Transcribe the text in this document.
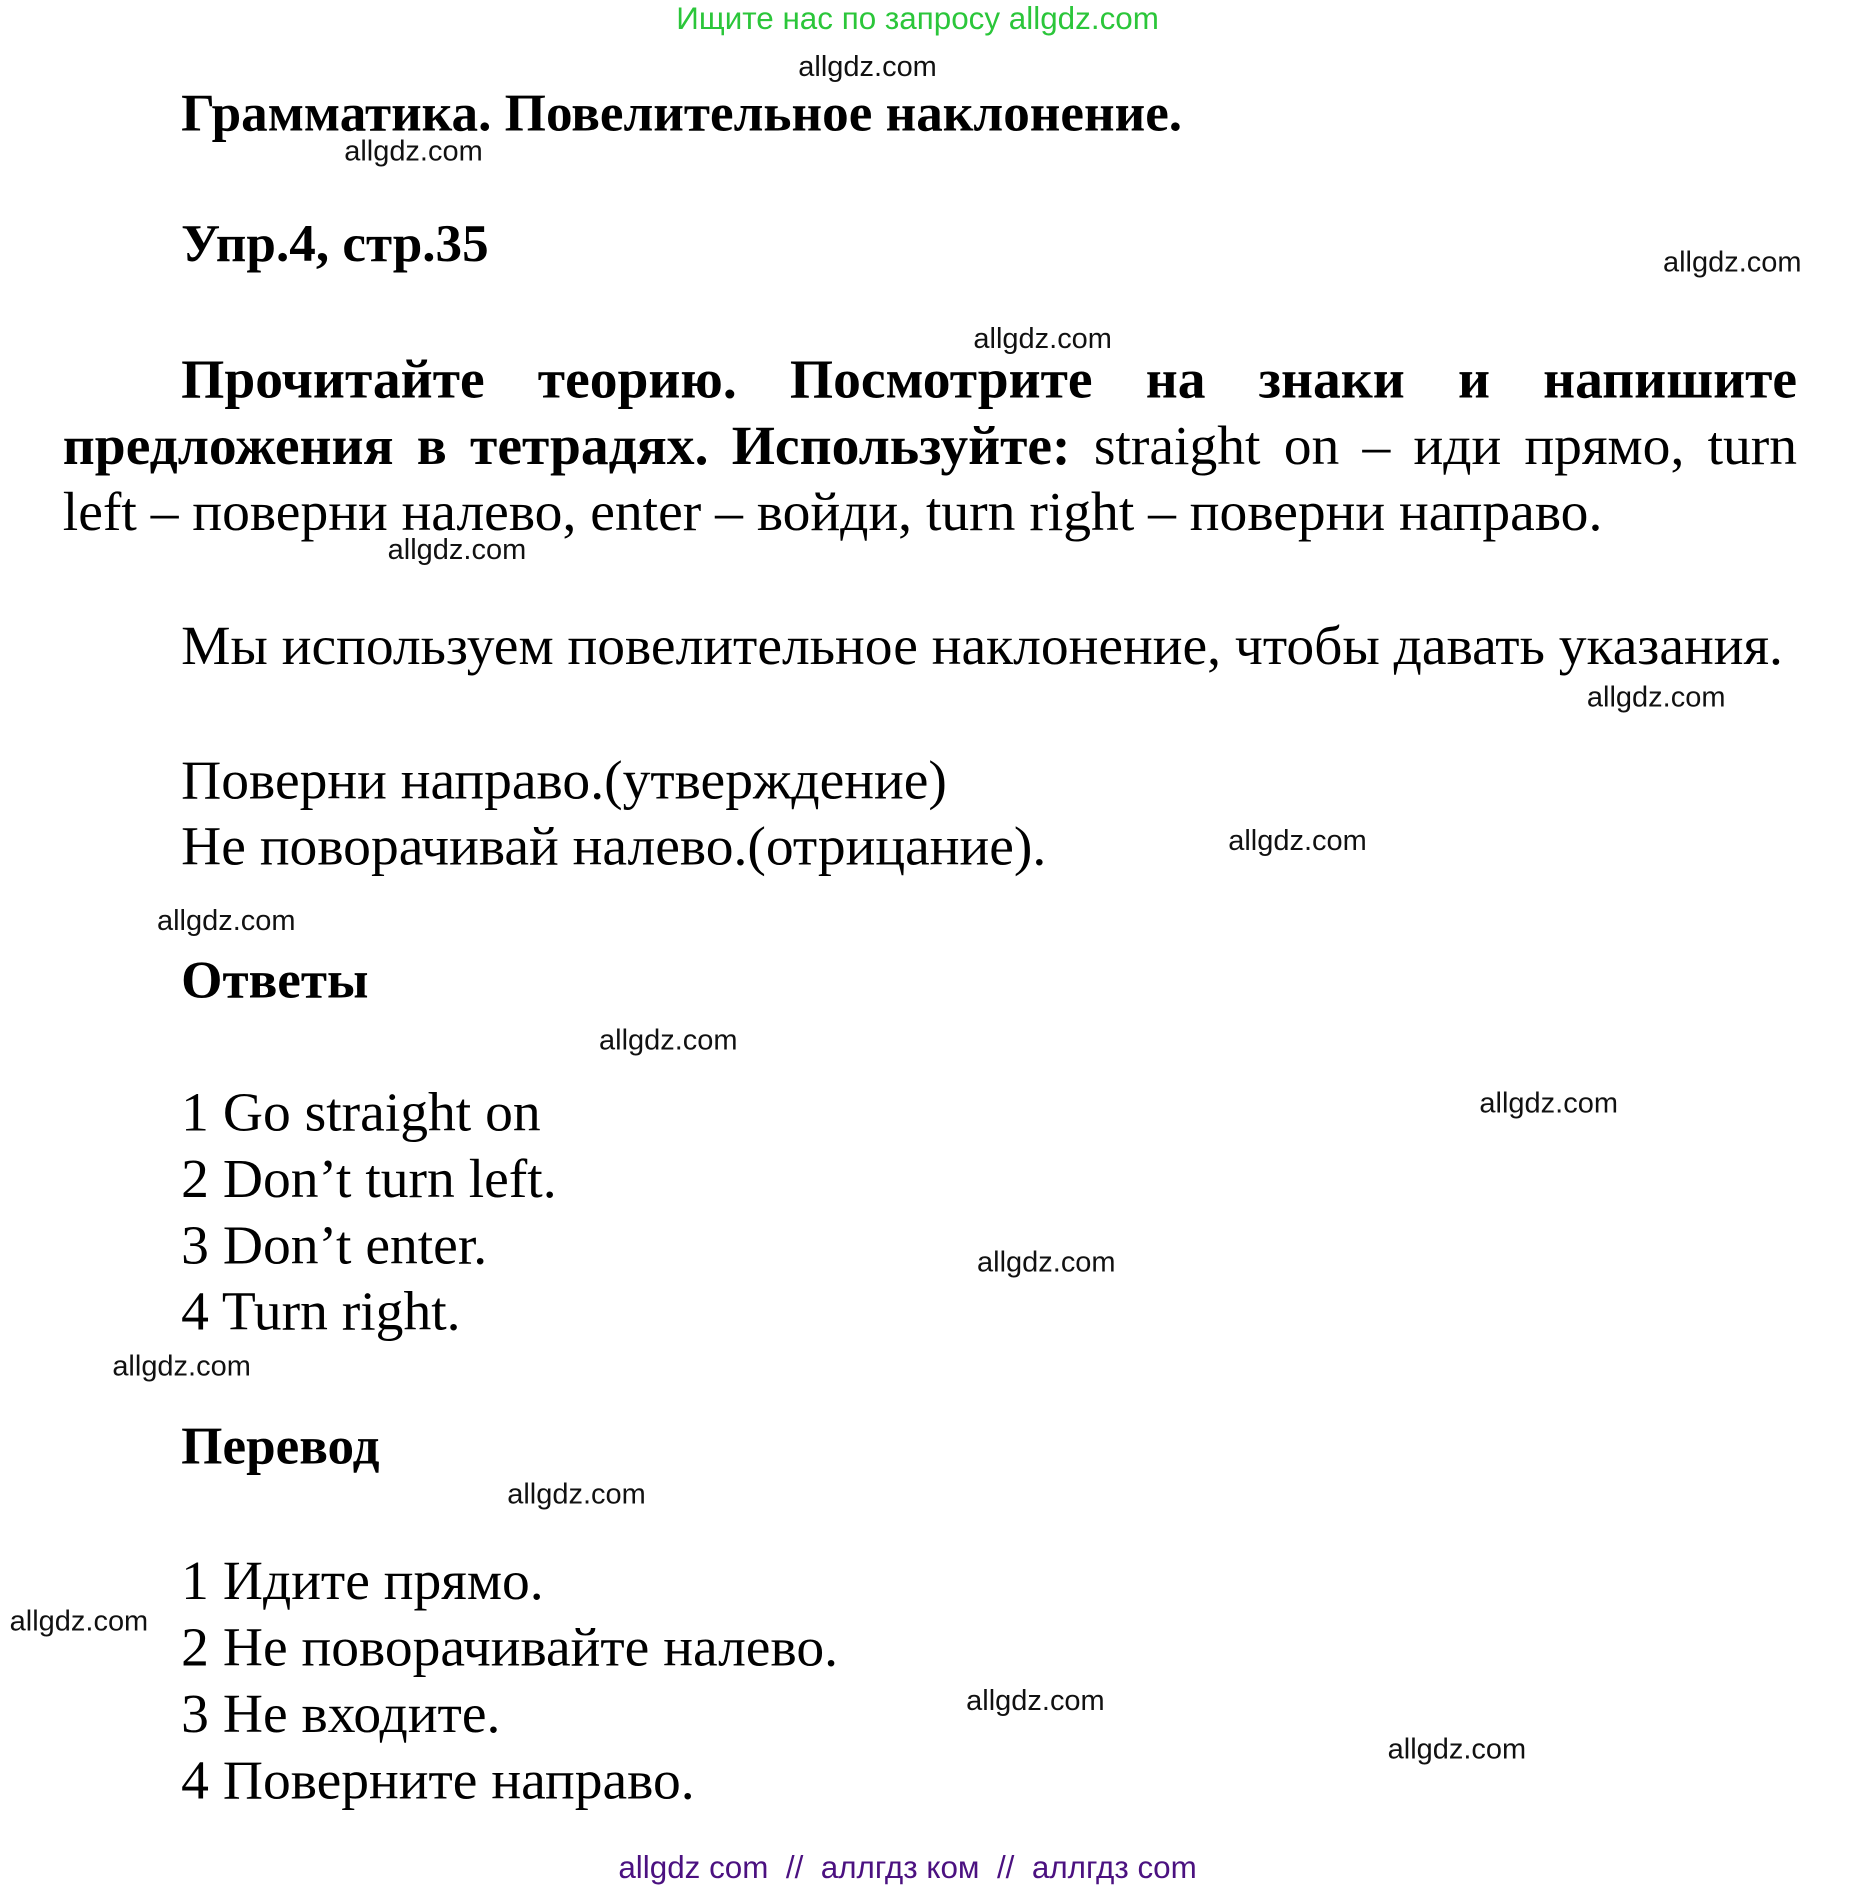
Ищите нас по запросу allgdz.com
Грамматика. Повелительное наклонение.
Упр.4, стр.35
Прочитайте теорию. Посмотрите на знаки и напишите предложения в тетрадях. Используйте: straight on – иди прямо, turn left – поверни налево, enter – войди, turn right – поверни направо.
Мы используем повелительное наклонение, чтобы давать указания.
Поверни направо.(утверждение)
Не поворачивай налево.(отрицание).
Ответы
1 Go straight on
2 Don’t turn left.
3 Don’t enter.
4 Turn right.
Перевод
1 Идите прямо.
2 Не поворачивайте налево.
3 Не входите.
4 Поверните направо.
allgdz.com
allgdz.com
allgdz.com
allgdz.com
allgdz.com
allgdz.com
allgdz.com
allgdz.com
allgdz.com
allgdz.com
allgdz.com
allgdz.com
allgdz.com
allgdz.com
allgdz.com
allgdz.com
allgdz com  //  аллгдз ком  //  аллгдз com
